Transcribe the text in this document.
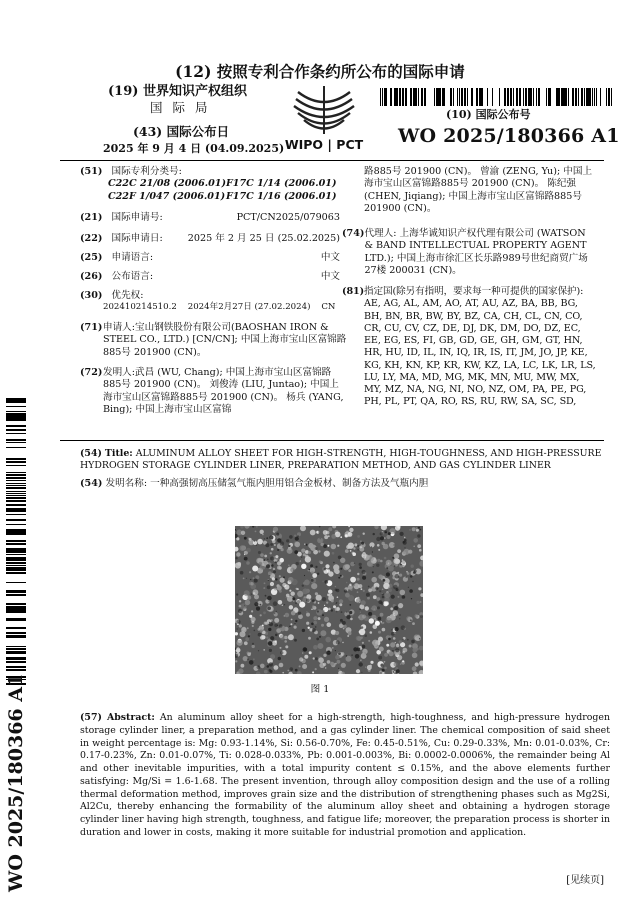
(12) 按照专利合作条约所公布的国际申请
(19) 世界知识产权组织
国 际 局
(43) 国际公布日
2025 年 9 月 4 日 (04.09.2025) WIPO | PCT
(10) 国际公布号
WO 2025/180366 A1
(51) 国际专利分类号:
C22C 21/08 (2006.01)F17C 1/14 (2006.01)
C22F 1/047 (2006.01)F17C 1/16 (2006.01)
(21) 国际申请号:	PCT/CN2025/079063
(22) 国际申请日:	2025 年 2 月 25 日 (25.02.2025)
(25) 申请语言:	中文
(26) 公布语言:	中文
(30) 优先权:
202410214510.2    2024年2月27日 (27.02.2024)    CN
(71) 申请人:宝山钢铁股份有限公司(BAOSHAN IRON & STEEL CO., LTD.) [CN/CN]; 中国上海市宝山区富锦路885号 201900 (CN)。
(72) 发明人:武昌 (WU, Chang); 中国上海市宝山区富锦路885号 201900 (CN)。 刘俊涛 (LIU, Juntao); 中国上海市宝山区富锦路885号 201900 (CN)。 杨兵 (YANG, Bing); 中国上海市宝山区富锦
路885号 201900 (CN)。 曾渝 (ZENG, Yu); 中国上海市宝山区富锦路885号 201900 (CN)。 陈纪强 (CHEN, Jiqiang); 中国上海市宝山区富锦路885号 201900 (CN)。
(74) 代理人: 上海华诚知识产权代理有限公司 (WATSON & BAND INTELLECTUAL PROPERTY AGENT LTD.); 中国上海市徐汇区长乐路989号世纪商贸广场27楼 200031 (CN)。
(81) 指定国(除另有指明，要求每一种可提供的国家保护): AE, AG, AL, AM, AO, AT, AU, AZ, BA, BB, BG, BH, BN, BR, BW, BY, BZ, CA, CH, CL, CN, CO, CR, CU, CV, CZ, DE, DJ, DK, DM, DO, DZ, EC, EE, EG, ES, FI, GB, GD, GE, GH, GM, GT, HN, HR, HU, ID, IL, IN, IQ, IR, IS, IT, JM, JO, JP, KE, KG, KH, KN, KP, KR, KW, KZ, LA, LC, LK, LR, LS, LU, LY, MA, MD, MG, MK, MN, MU, MW, MX, MY, MZ, NA, NG, NI, NO, NZ, OM, PA, PE, PG, PH, PL, PT, QA, RO, RS, RU, RW, SA, SC, SD,
WO 2025/180366 A1
(54) Title: ALUMINUM ALLOY SHEET FOR HIGH-STRENGTH, HIGH-TOUGHNESS, AND HIGH-PRESSURE HYDROGEN STORAGE CYLINDER LINER, PREPARATION METHOD, AND GAS CYLINDER LINER
(54) 发明名称: 一种高强韧高压储氢气瓶内胆用铝合金板材、制备方法及气瓶内胆
图 1
(57) Abstract: An aluminum alloy sheet for a high-strength, high-toughness, and high-pressure hydrogen storage cylinder liner, a preparation method, and a gas cylinder liner. The chemical composition of said sheet in weight percentage is: Mg: 0.93-1.14%, Si: 0.56-0.70%, Fe: 0.45-0.51%, Cu: 0.29-0.33%, Mn: 0.01-0.03%, Cr: 0.17-0.23%, Zn: 0.01-0.07%, Ti: 0.028-0.033%, Pb: 0.001-0.003%, Bi: 0.0002-0.0006%, the remainder being Al and other inevitable impurities, with a total impurity content ≤ 0.15%, and the above elements further satisfying: Mg/Si = 1.6-1.68. The present invention, through alloy composition design and the use of a rolling thermal deformation method, improves grain size and the distribution of strengthening phases such as Mg2Si, Al2Cu, thereby enhancing the formability of the aluminum alloy sheet and obtaining a hydrogen storage cylinder liner having high strength, toughness, and fatigue life; moreover, the preparation process is shorter in duration and lower in costs, making it more suitable for industrial promotion and application.
[见续页]
